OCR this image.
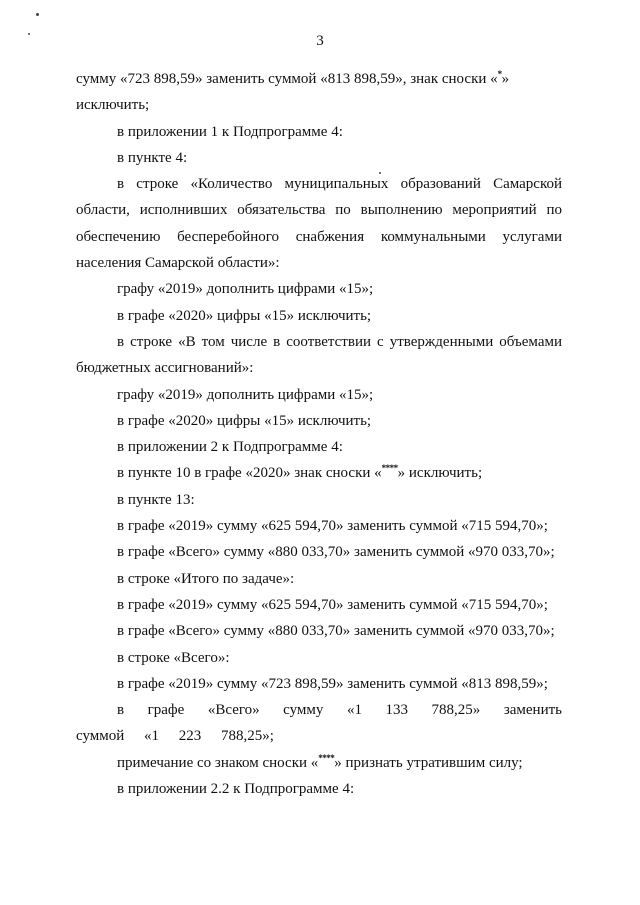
3

сумму «723 898,59» заменить суммой «813 898,59», знак сноски «*»

исключить;

в приложении 1 к Подпрограмме 4:

в пункте 4:

в строке «Количество муниципальных образований Самарской области, исполнивших обязательства по выполнению мероприятий по обеспечению бесперебойного снабжения коммунальными услугами населения Самарской области»:

графу «2019» дополнить цифрами «15»;

в графе «2020» цифры «15» исключить;

в строке «В том числе в соответствии с утвержденными объемами бюджетных ассигнований»:

графу «2019» дополнить цифрами «15»;

в графе «2020» цифры «15» исключить;

в приложении 2 к Подпрограмме 4:

в пункте 10 в графе «2020» знак сноски «****» исключить;

в пункте 13:

в графе «2019» сумму «625 594,70» заменить суммой «715 594,70»;

в графе «Всего» сумму «880 033,70» заменить суммой «970 033,70»;

в строке «Итого по задаче»:

в графе «2019» сумму «625 594,70» заменить суммой «715 594,70»;

в графе «Всего» сумму «880 033,70» заменить суммой «970 033,70»;

в строке «Всего»:

в графе «2019» сумму «723 898,59» заменить суммой «813 898,59»;

в графе «Всего» сумму «1 133 788,25» заменить суммой «1 223 788,25»;

примечание со знаком сноски «****» признать утратившим силу;

в приложении 2.2 к Подпрограмме 4:
